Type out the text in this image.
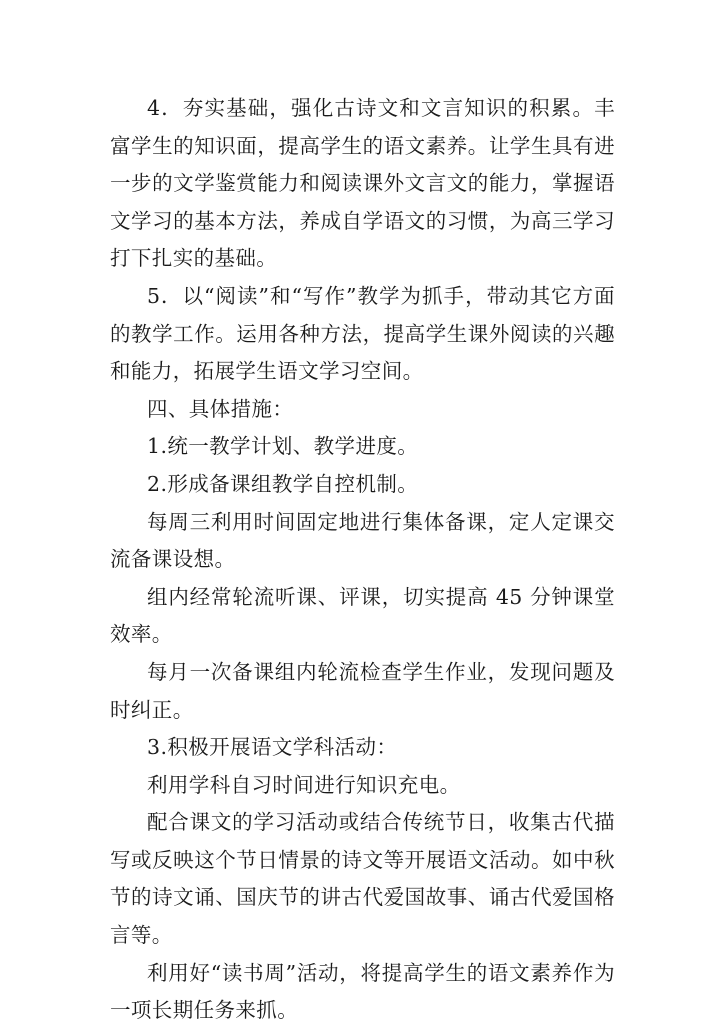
4．夯实基础，强化古诗文和文言知识的积累。丰富学生的知识面，提高学生的语文素养。让学生具有进一步的文学鉴赏能力和阅读课外文言文的能力，掌握语文学习的基本方法，养成自学语文的习惯，为高三学习打下扎实的基础。

5．以“阅读”和“写作”教学为抓手，带动其它方面的教学工作。运用各种方法，提高学生课外阅读的兴趣和能力，拓展学生语文学习空间。

四、具体措施：

1.统一教学计划、教学进度。

2.形成备课组教学自控机制。

每周三利用时间固定地进行集体备课，定人定课交流备课设想。

组内经常轮流听课、评课，切实提高 45 分钟课堂效率。

每月一次备课组内轮流检查学生作业，发现问题及时纠正。

3.积极开展语文学科活动：

利用学科自习时间进行知识充电。

配合课文的学习活动或结合传统节日，收集古代描写或反映这个节日情景的诗文等开展语文活动。如中秋节的诗文诵、国庆节的讲古代爱国故事、诵古代爱国格言等。

利用好“读书周”活动，将提高学生的语文素养作为一项长期任务来抓。
